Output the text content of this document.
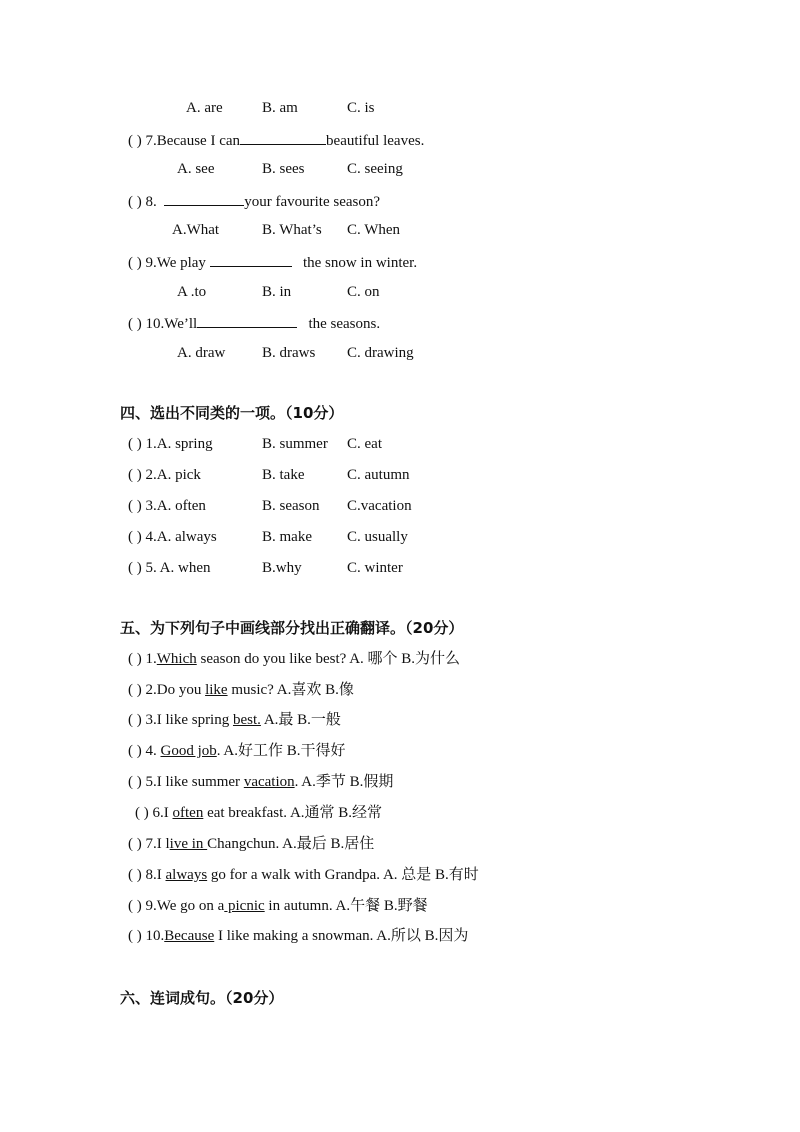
A. are	B. am	C. is
( ) 7.Because I can	beautiful leaves.
A. see	B. sees	C. seeing
( ) 8.	your favourite season?
A.What	B. What’s C. When
( ) 9.We play	the snow in winter.
A .to	B. in	C. on
( ) 10.We’ll	the seasons.
A. draw B. draws C. drawing
四、选出不同类的一项。（10分）
( ) 1.A. spring	B. summer C. eat
( ) 2.A. pick	B. take	C. autumn
( ) 3.A. often	B. season C.vacation
( ) 4.A. always	B. make C. usually
( ) 5. A. when	B.why	C. winter
五、为下列句子中画线部分找出正确翻译。（20分）
( ) 1.Which season do you like best? A. 哪个 B.为什么
( ) 2.Do you like music? A.喜欢 B.像
( ) 3.I like spring best. A.最 B.一般
( ) 4. Good job. A.好工作 B.干得好
( ) 5.I like summer vacation. A.季节 B.假期
( ) 6.I often eat breakfast. A.通常 B.经常
( ) 7.I live in Changchun. A.最后 B.居住
( ) 8.I always go for a walk with Grandpa. A. 总是 B.有时
( ) 9.We go on a picnic in autumn. A.午餐 B.野餐
( ) 10.Because I like making a snowman. A.所以 B.因为
六、连词成句。（20分）
